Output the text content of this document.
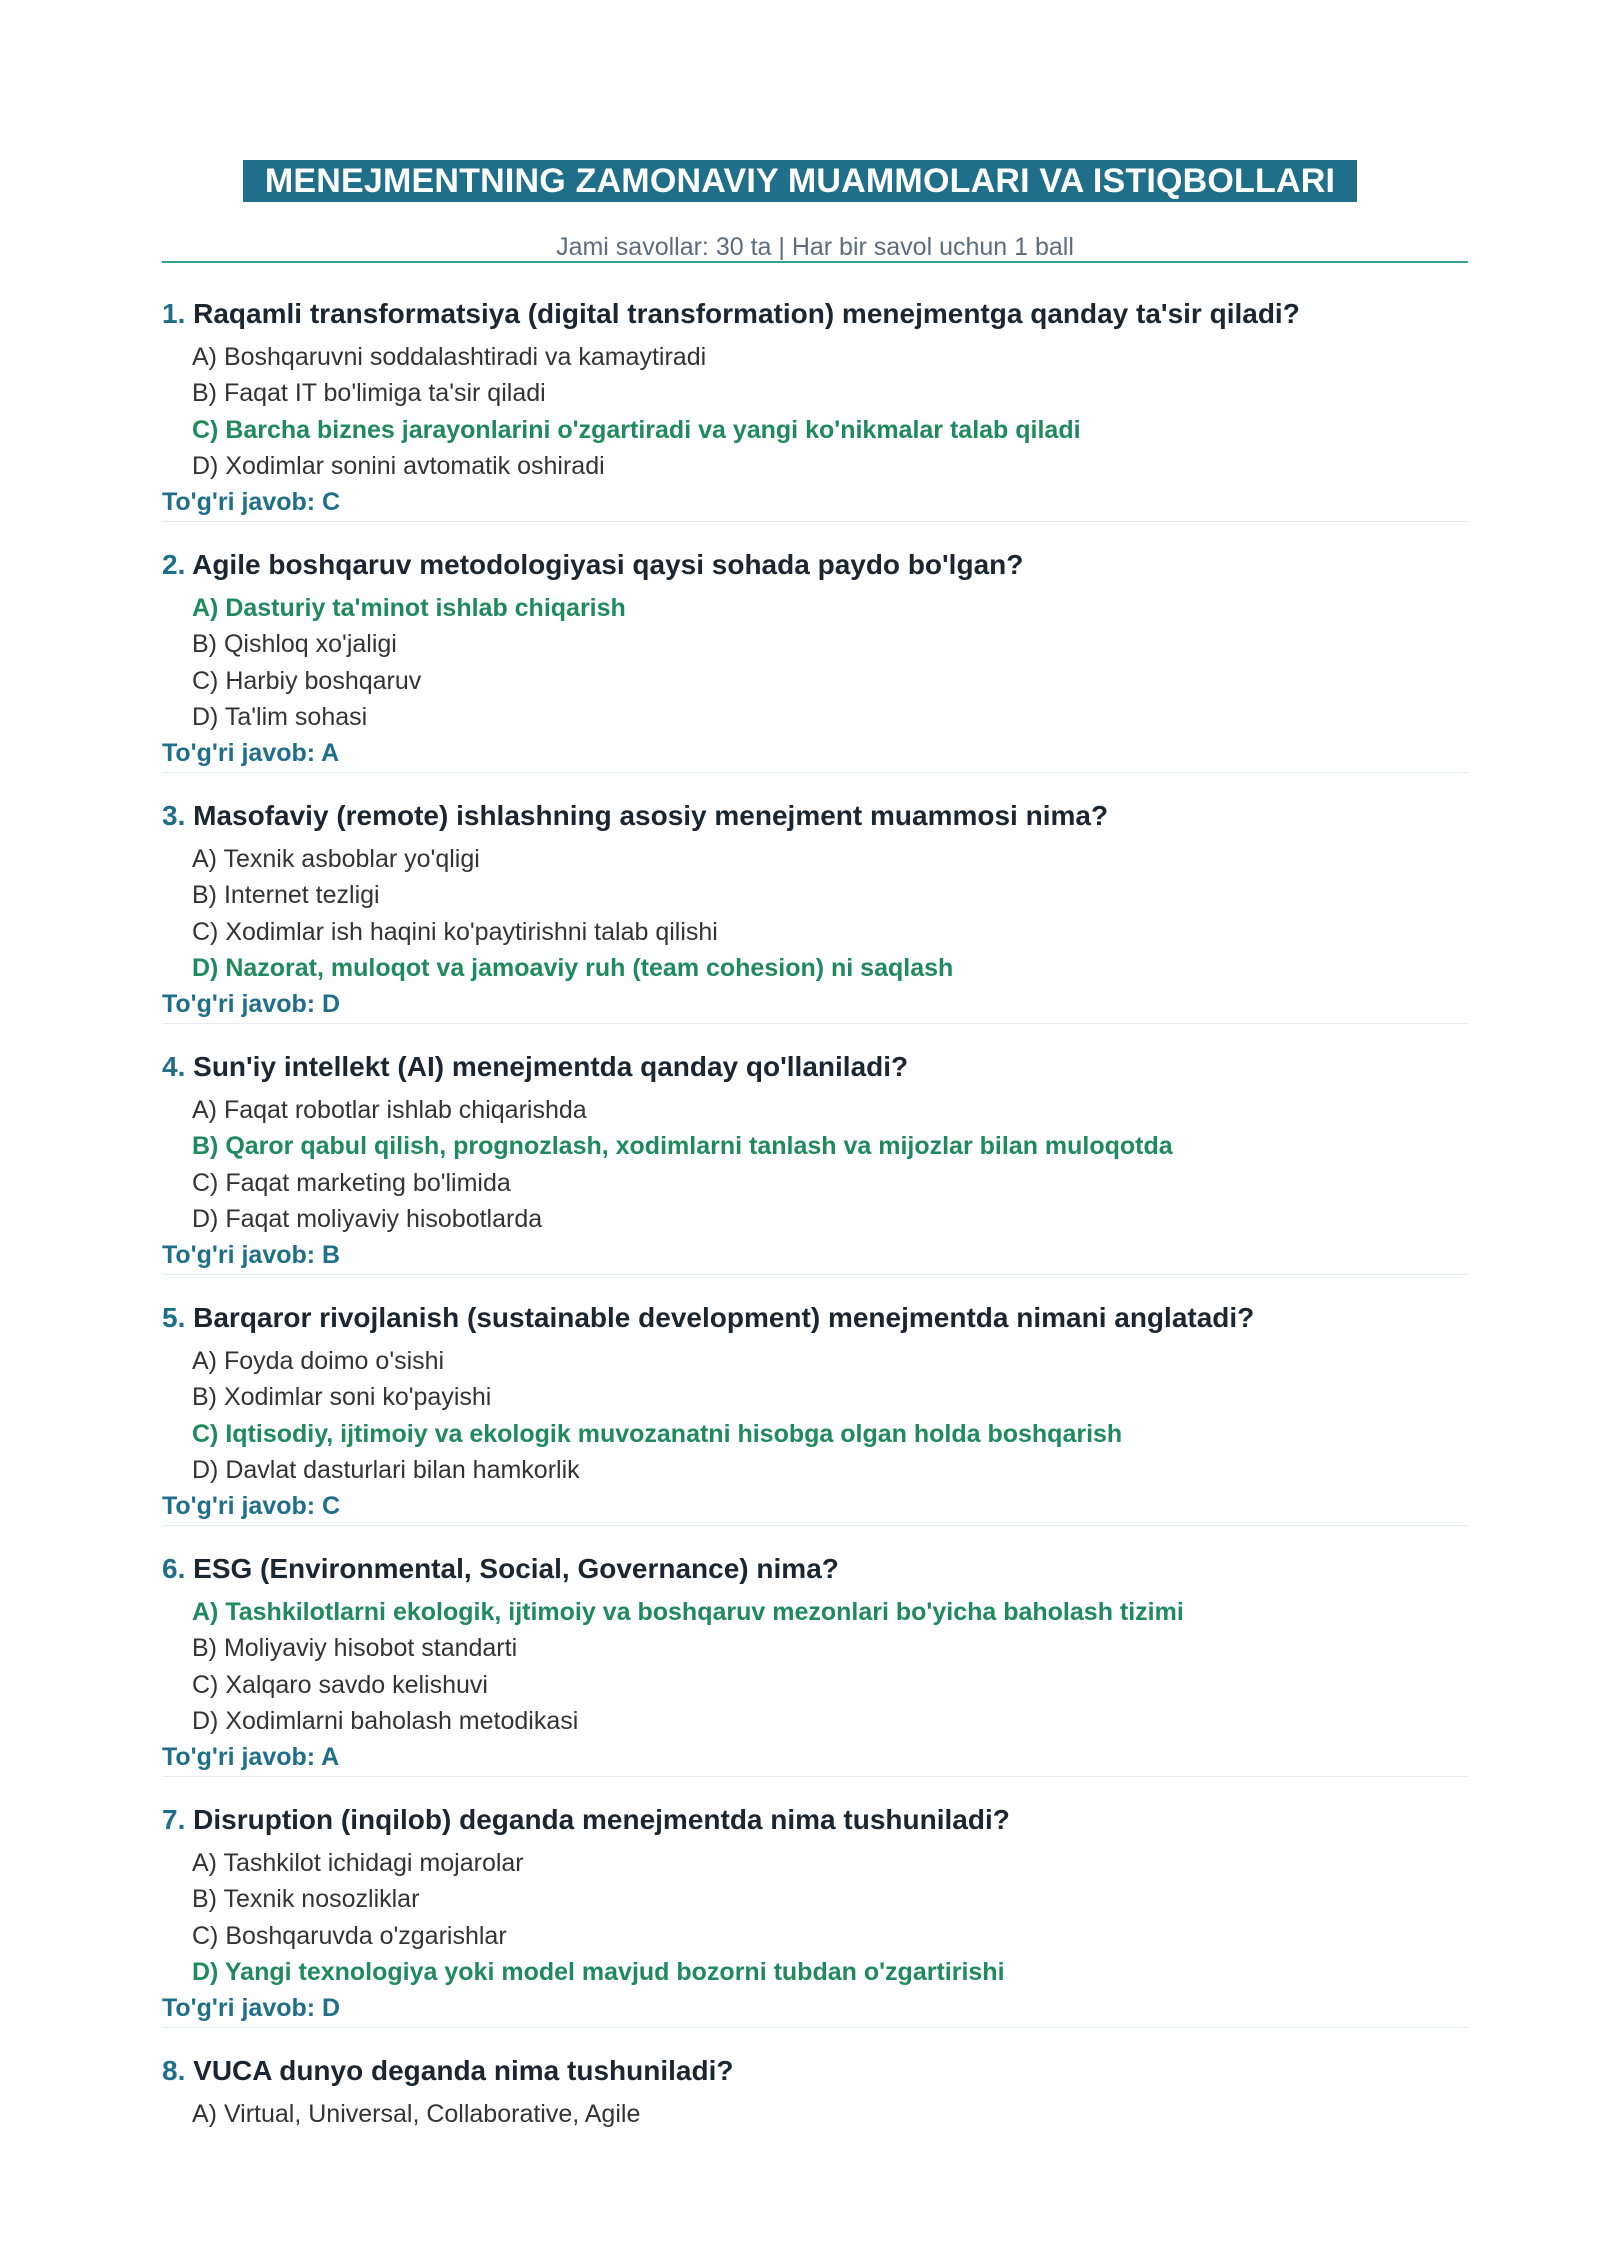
MENEJMENTNING ZAMONAVIY MUAMMOLARI VA ISTIQBOLLARI
Jami savollar: 30 ta | Har bir savol uchun 1 ball
1. Raqamli transformatsiya (digital transformation) menejmentga qanday ta'sir qiladi?
A) Boshqaruvni soddalashtiradi va kamaytiradi
B) Faqat IT bo'limiga ta'sir qiladi
C) Barcha biznes jarayonlarini o'zgartiradi va yangi ko'nikmalar talab qiladi
D) Xodimlar sonini avtomatik oshiradi
To'g'ri javob: C
2. Agile boshqaruv metodologiyasi qaysi sohada paydo bo'lgan?
A) Dasturiy ta'minot ishlab chiqarish
B) Qishloq xo'jaligi
C) Harbiy boshqaruv
D) Ta'lim sohasi
To'g'ri javob: A
3. Masofaviy (remote) ishlashning asosiy menejment muammosi nima?
A) Texnik asboblar yo'qligi
B) Internet tezligi
C) Xodimlar ish haqini ko'paytirishni talab qilishi
D) Nazorat, muloqot va jamoaviy ruh (team cohesion) ni saqlash
To'g'ri javob: D
4. Sun'iy intellekt (AI) menejmentda qanday qo'llaniladi?
A) Faqat robotlar ishlab chiqarishda
B) Qaror qabul qilish, prognozlash, xodimlarni tanlash va mijozlar bilan muloqotda
C) Faqat marketing bo'limida
D) Faqat moliyaviy hisobotlarda
To'g'ri javob: B
5. Barqaror rivojlanish (sustainable development) menejmentda nimani anglatadi?
A) Foyda doimo o'sishi
B) Xodimlar soni ko'payishi
C) Iqtisodiy, ijtimoiy va ekologik muvozanatni hisobga olgan holda boshqarish
D) Davlat dasturlari bilan hamkorlik
To'g'ri javob: C
6. ESG (Environmental, Social, Governance) nima?
A) Tashkilotlarni ekologik, ijtimoiy va boshqaruv mezonlari bo'yicha baholash tizimi
B) Moliyaviy hisobot standarti
C) Xalqaro savdo kelishuvi
D) Xodimlarni baholash metodikasi
To'g'ri javob: A
7. Disruption (inqilob) deganda menejmentda nima tushuniladi?
A) Tashkilot ichidagi mojarolar
B) Texnik nosozliklar
C) Boshqaruvda o'zgarishlar
D) Yangi texnologiya yoki model mavjud bozorni tubdan o'zgartirishi
To'g'ri javob: D
8. VUCA dunyo deganda nima tushuniladi?
A) Virtual, Universal, Collaborative, Agile
